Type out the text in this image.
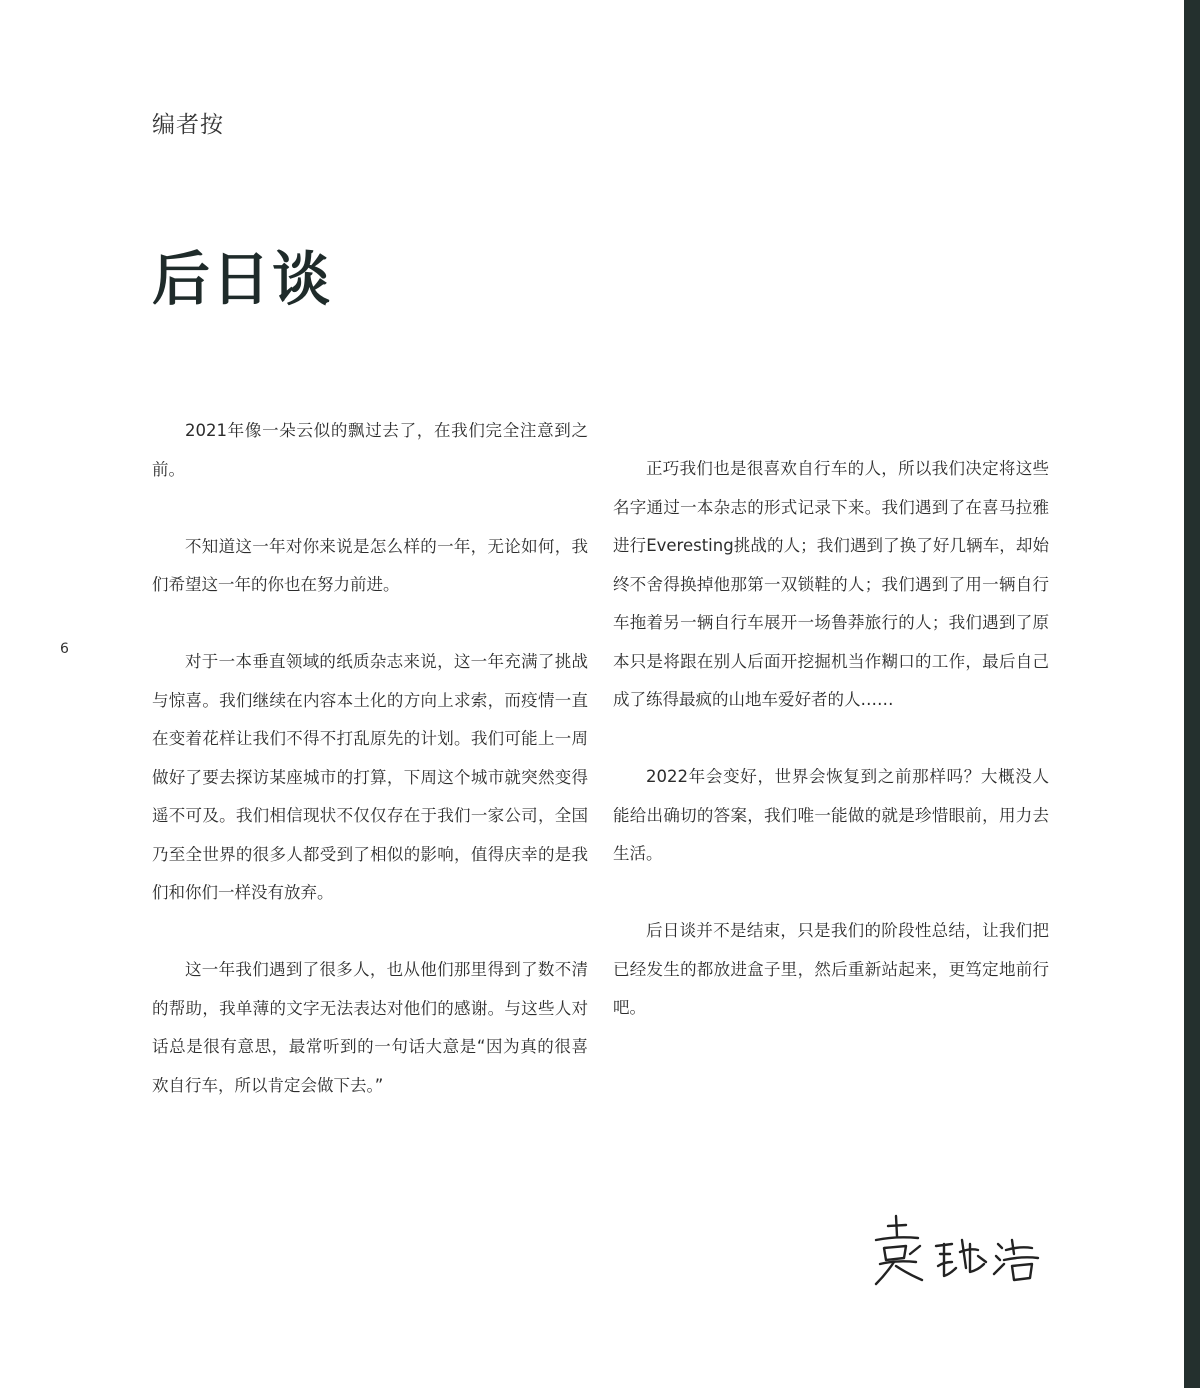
编者按
后日谈
6

2021年像一朵云似的飘过去了，在我们完全注意到之前。

不知道这一年对你来说是怎么样的一年，无论如何，我们希望这一年的你也在努力前进。

对于一本垂直领域的纸质杂志来说，这一年充满了挑战与惊喜。我们继续在内容本土化的方向上求索，而疫情一直在变着花样让我们不得不打乱原先的计划。我们可能上一周做好了要去探访某座城市的打算，下周这个城市就突然变得遥不可及。我们相信现状不仅仅存在于我们一家公司，全国乃至全世界的很多人都受到了相似的影响，值得庆幸的是我们和你们一样没有放弃。

这一年我们遇到了很多人，也从他们那里得到了数不清的帮助，我单薄的文字无法表达对他们的感谢。与这些人对话总是很有意思，最常听到的一句话大意是“因为真的很喜欢自行车，所以肯定会做下去。”

正巧我们也是很喜欢自行车的人，所以我们决定将这些名字通过一本杂志的形式记录下来。我们遇到了在喜马拉雅进行Everesting挑战的人；我们遇到了换了好几辆车，却始终不舍得换掉他那第一双锁鞋的人；我们遇到了用一辆自行车拖着另一辆自行车展开一场鲁莽旅行的人；我们遇到了原本只是将跟在别人后面开挖掘机当作糊口的工作，最后自己成了练得最疯的山地车爱好者的人……

2022年会变好，世界会恢复到之前那样吗？大概没人能给出确切的答案，我们唯一能做的就是珍惜眼前，用力去生活。

后日谈并不是结束，只是我们的阶段性总结，让我们把已经发生的都放进盒子里，然后重新站起来，更笃定地前行吧。
